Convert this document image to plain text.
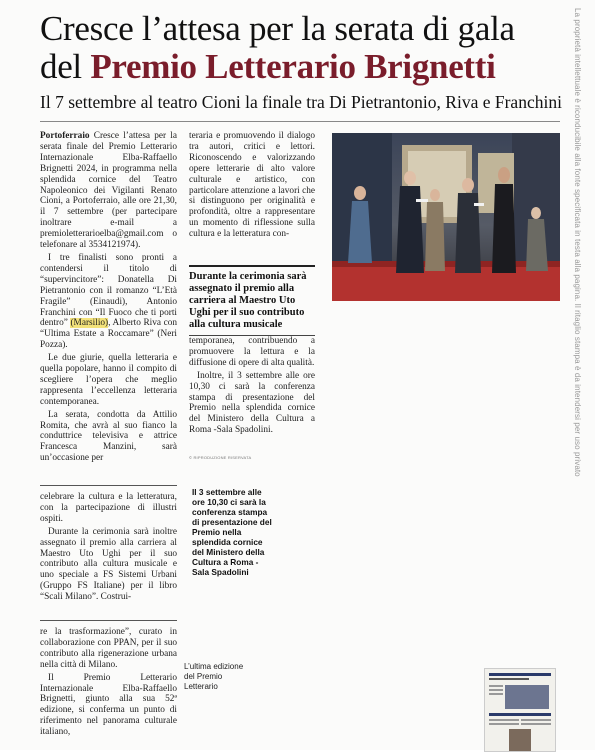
Cresce l’attesa per la serata di gala
del Premio Letterario Brignetti
Il 7 settembre al teatro Cioni la finale tra Di Pietrantonio, Riva e Franchini

Portoferraio Cresce l’attesa per la serata finale del Premio Letterario Internazionale Elba-Raffaello Brignetti 2024, in programma nella splendida cornice del Teatro Napoleonico dei Vigilanti Renato Cioni, a Portoferraio, alle ore 21,30, il 7 settembre (per partecipare inoltrare e-mail a premioletterarioelba@gmail.com o telefonare al 3534121974).

I tre finalisti sono pronti a contendersi il titolo di “supervincitore”: Donatella Di Pietrantonio con il romanzo “L’Età Fragile” (Einaudi), Antonio Franchini con “Il Fuoco che ti porti dentro” (Marsilio), Alberto Riva con “Ultima Estate a Roccamare” (Neri Pozza).

Le due giurie, quella letteraria e quella popolare, hanno il compito di scegliere l’opera che meglio rappresenta l’eccellenza letteraria contemporanea.

La serata, condotta da Attilio Romita, che avrà al suo fianco la conduttrice televisiva e attrice Francesca Manzini, sarà un’occasione per

celebrare la cultura e la letteratura, con la partecipazione di illustri ospiti.

Durante la cerimonia sarà inoltre assegnato il premio alla carriera al Maestro Uto Ughi per il suo contributo alla cultura musicale e uno speciale a FS Sistemi Urbani (Gruppo FS Italiane) per il libro “Scali Milano”. Costrui-

re la trasformazione”, curato in collaborazione con PPAN, per il suo contributo alla rigenerazione urbana nella città di Milano.

Il Premio Letterario Internazionale Elba-Raffaello Brignetti, giunto alla sua 52ª edizione, si conferma un punto di riferimento nel panorama culturale italiano,

teraria e promuovendo il dialogo tra autori, critici e lettori. Riconoscendo e valorizzando opere letterarie di alto valore culturale e artistico, con particolare attenzione a lavori che si distinguono per originalità e profondità, oltre a rappresentare un momento di riflessione sulla cultura e la letteratura con-

Durante la cerimonia sarà assegnato il premio alla carriera al Maestro Uto Ughi per il suo contributo alla cultura musicale

temporanea, contribuendo a promuovere la lettura e la diffusione di opere di alta qualità.

Inoltre, il 3 settembre alle ore 10,30 ci sarà la conferenza stampa di presentazione del Premio nella splendida cornice del Ministero della Cultura a Roma -Sala Spadolini.

© RIPRODUZIONE RISERVATA
Il 3 settembre alle ore 10,30 ci sarà la conferenza stampa di presentazione del Premio nella splendida cornice del Ministero della Cultura a Roma -Sala Spadolini
L’ultima edizione del Premio Letterario
La proprietà intellettuale è riconducibile alla fonte specificata in testa alla pagina. Il ritaglio stampa è da intendersi per uso privato
